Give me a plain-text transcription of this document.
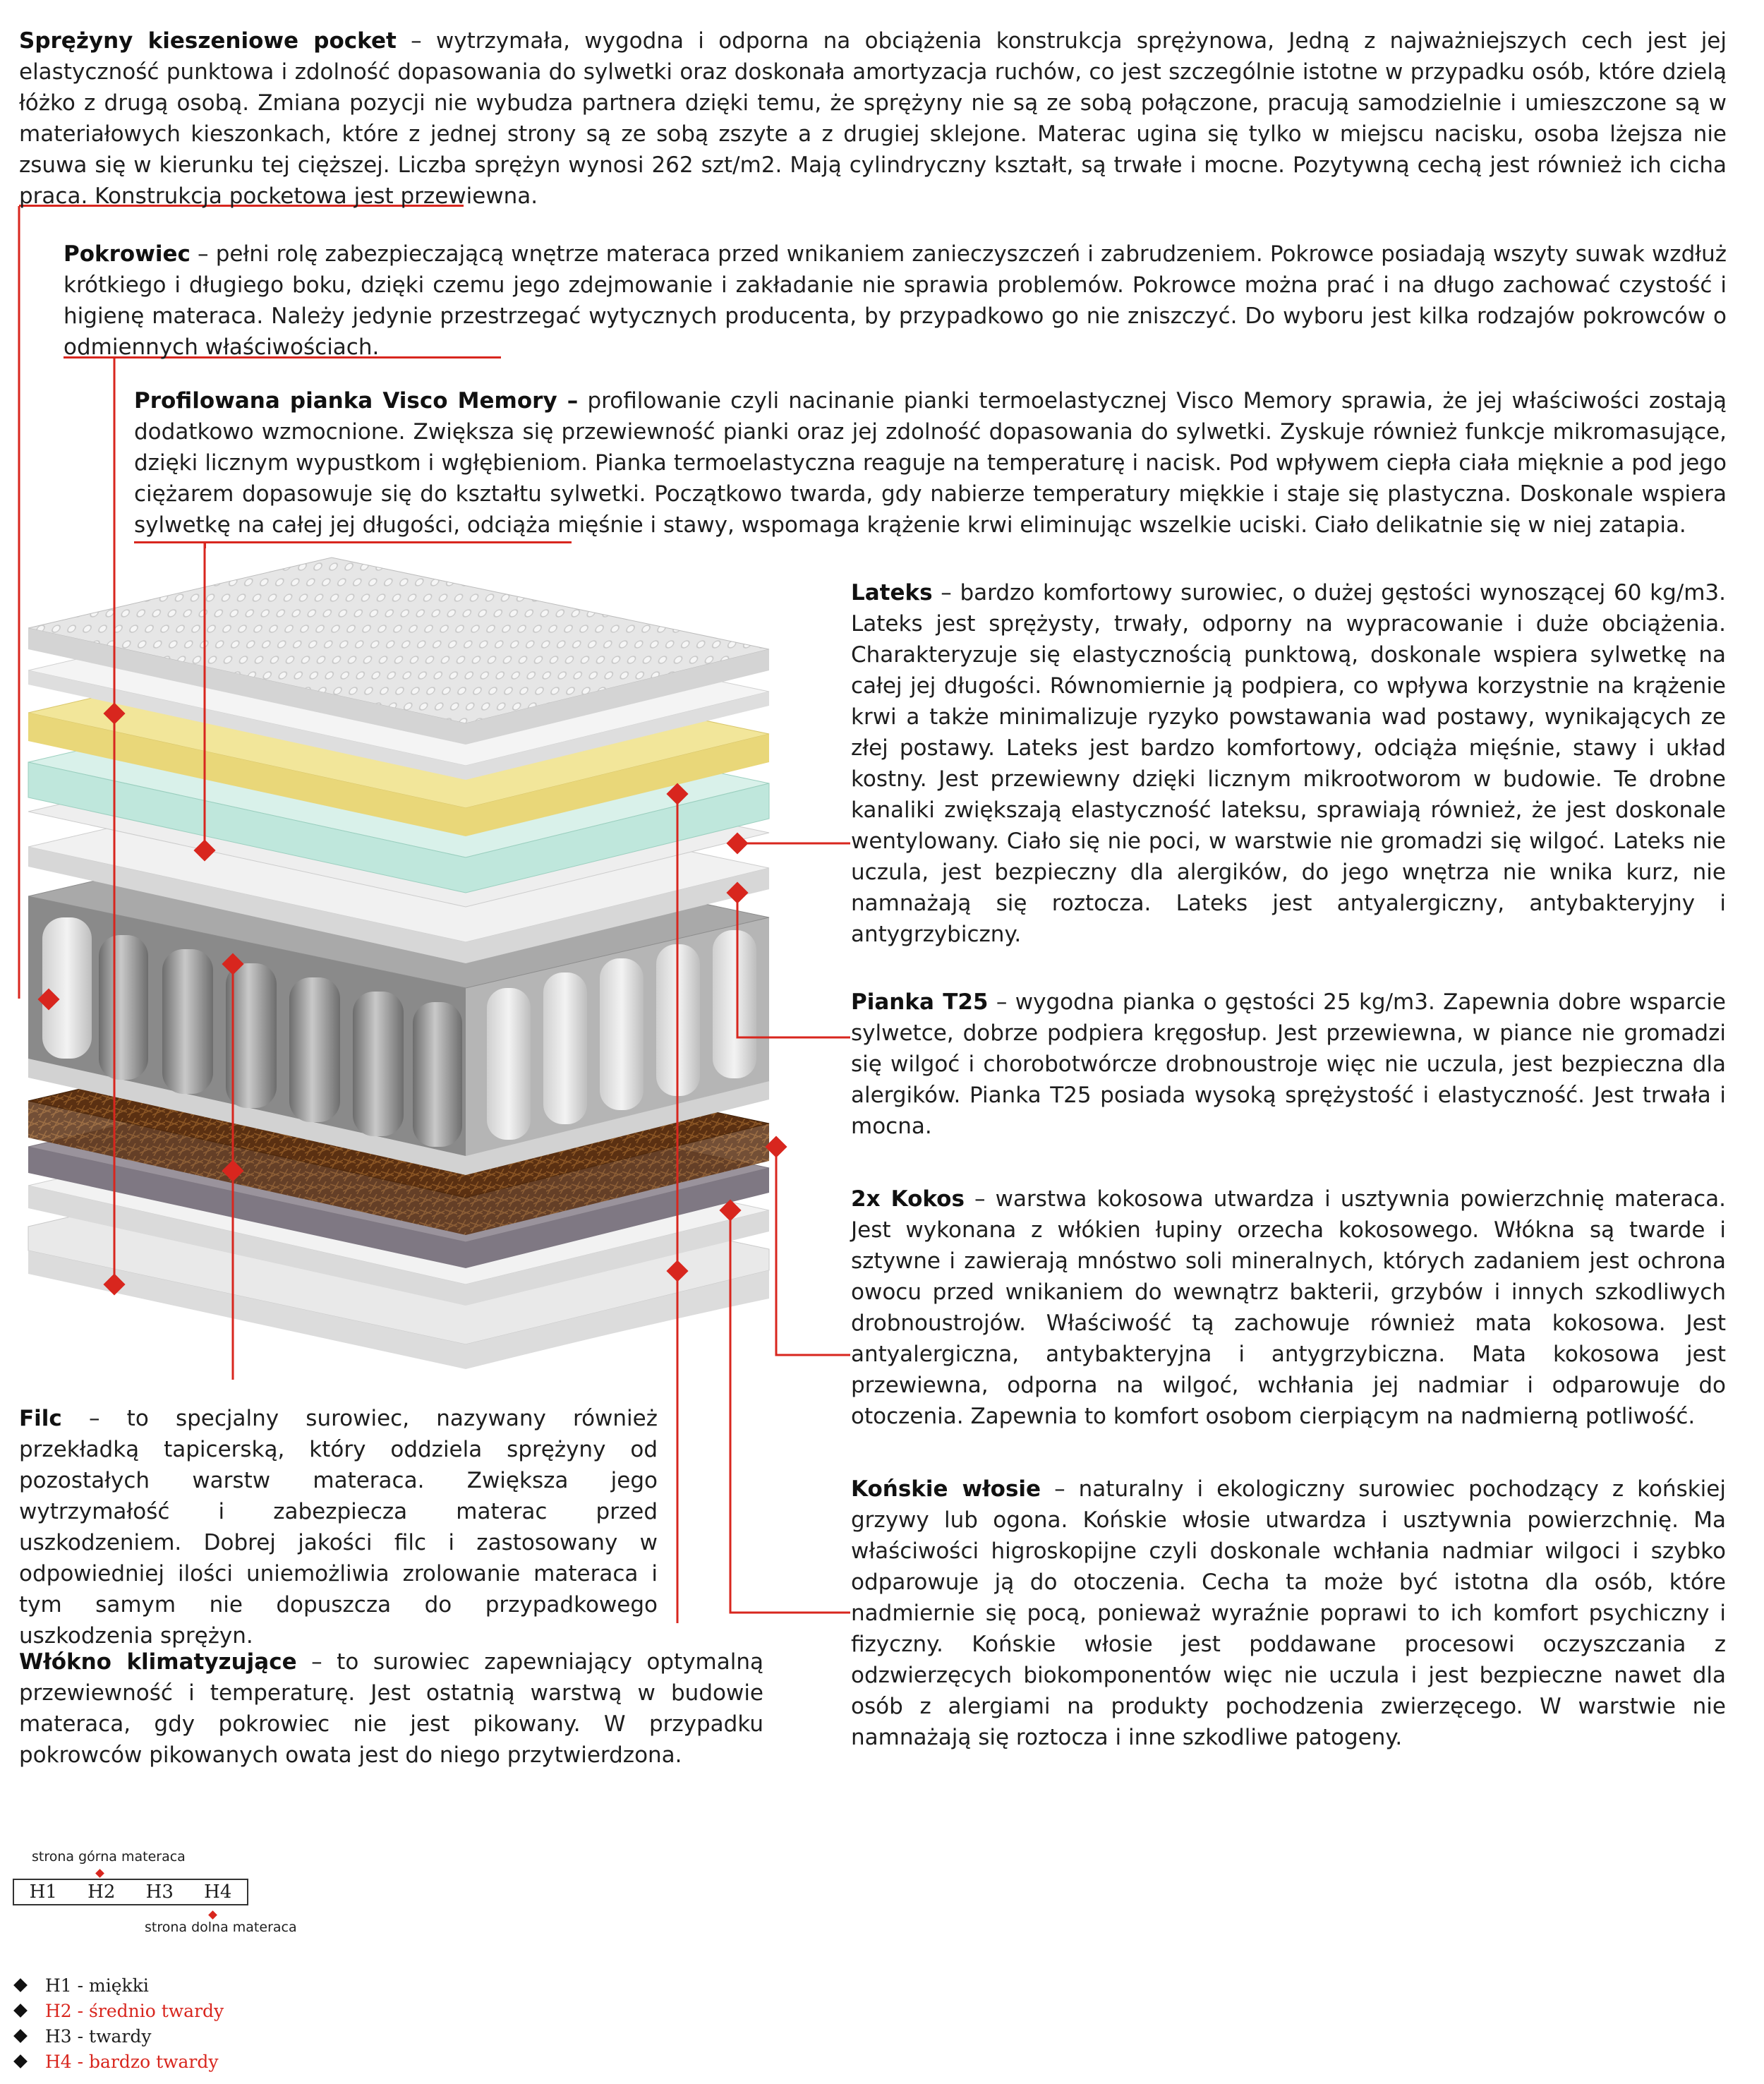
Sprężyny kieszeniowe pocket – wytrzymała, wygodna i odporna na obciążenia konstrukcja sprężynowa, Jedną z najważniejszych cech jest jej elastyczność punktowa i zdolność dopasowania do sylwetki oraz doskonała amortyzacja ruchów, co jest szczególnie istotne w przypadku osób, które dzielą łóżko z drugą osobą. Zmiana pozycji nie wybudza partnera dzięki temu, że sprężyny nie są ze sobą połączone, pracują samodzielnie i umieszczone są w materiałowych kieszonkach, które z jednej strony są ze sobą zszyte a z drugiej sklejone. Materac ugina się tylko w miejscu nacisku, osoba lżejsza nie zsuwa się w kierunku tej cięższej. Liczba sprężyn wynosi 262 szt/m2. Mają cylindryczny kształt, są trwałe i mocne. Pozytywną cechą jest również ich cicha praca. Konstrukcja pocketowa jest przewiewna.
Pokrowiec – pełni rolę zabezpieczającą wnętrze materaca przed wnikaniem zanieczyszczeń i zabrudzeniem. Pokrowce posiadają wszyty suwak wzdłuż krótkiego i długiego boku, dzięki czemu jego zdejmowanie i zakładanie nie sprawia problemów. Pokrowce można prać i na długo zachować czystość i higienę materaca. Należy jedynie przestrzegać wytycznych producenta, by przypadkowo go nie zniszczyć. Do wyboru jest kilka rodzajów pokrowców o odmiennych właściwościach.
Profilowana pianka Visco Memory – profilowanie czyli nacinanie pianki termoelastycznej Visco Memory sprawia, że jej właściwości zostają dodatkowo wzmocnione. Zwiększa się przewiewność pianki oraz jej zdolność dopasowania do sylwetki. Zyskuje również funkcje mikromasujące, dzięki licznym wypustkom i wgłębieniom. Pianka termoelastyczna reaguje na temperaturę i nacisk. Pod wpływem ciepła ciała mięknie a pod jego ciężarem dopasowuje się do kształtu sylwetki. Początkowo twarda, gdy nabierze temperatury miękkie i staje się plastyczna. Doskonale wspiera sylwetkę na całej jej długości, odciąża mięśnie i stawy, wspomaga krążenie krwi eliminując wszelkie uciski. Ciało delikatnie się w niej zatapia.
Lateks – bardzo komfortowy surowiec, o dużej gęstości wynoszącej 60 kg/m3. Lateks jest sprężysty, trwały, odporny na wypracowanie i duże obciążenia. Charakteryzuje się elastycznością punktową, doskonale wspiera sylwetkę na całej jej długości. Równomiernie ją podpiera, co wpływa korzystnie na krążenie krwi a także minimalizuje ryzyko powstawania wad postawy, wynikających ze złej postawy. Lateks jest bardzo komfortowy, odciąża mięśnie, stawy i układ kostny. Jest przewiewny dzięki licznym mikrootworom w budowie. Te drobne kanaliki zwiększają elastyczność lateksu, sprawiają również, że jest doskonale wentylowany. Ciało się nie poci, w warstwie nie gromadzi się wilgoć. Lateks nie uczula, jest bezpieczny dla alergików, do jego wnętrza nie wnika kurz, nie namnażają się roztocza. Lateks jest antyalergiczny, antybakteryjny i antygrzybiczny.
Pianka T25 – wygodna pianka o gęstości 25 kg/m3. Zapewnia dobre wsparcie sylwetce, dobrze podpiera kręgosłup. Jest przewiewna, w piance nie gromadzi się wilgoć i chorobotwórcze drobnoustroje więc nie uczula, jest bezpieczna dla alergików. Pianka T25 posiada wysoką sprężystość i elastyczność. Jest trwała i mocna.
2x Kokos – warstwa kokosowa utwardza i usztywnia powierzchnię materaca. Jest wykonana z włókien łupiny orzecha kokosowego. Włókna są twarde i sztywne i zawierają mnóstwo soli mineralnych, których zadaniem jest ochrona owocu przed wnikaniem do wewnątrz bakterii, grzybów i innych szkodliwych drobnoustrojów. Właściwość tą zachowuje również mata kokosowa. Jest antyalergiczna, antybakteryjna i antygrzybiczna. Mata kokosowa jest przewiewna, odporna na wilgoć, wchłania jej nadmiar i odparowuje do otoczenia. Zapewnia to komfort osobom cierpiącym na nadmierną potliwość.
Końskie włosie – naturalny i ekologiczny surowiec pochodzący z końskiej grzywy lub ogona. Końskie włosie utwardza i usztywnia powierzchnię. Ma właściwości higroskopijne czyli doskonale wchłania nadmiar wilgoci i szybko odparowuje ją do otoczenia. Cecha ta może być istotna dla osób, które nadmiernie się pocą, ponieważ wyraźnie poprawi to ich komfort psychiczny i fizyczny. Końskie włosie jest poddawane procesowi oczyszczania z odzwierzęcych biokomponentów więc nie uczula i jest bezpieczne nawet dla osób z alergiami na produkty pochodzenia zwierzęcego. W warstwie nie namnażają się roztocza i inne szkodliwe patogeny.
Filc – to specjalny surowiec, nazywany również przekładką tapicerską, który oddziela sprężyny od pozostałych warstw materaca. Zwiększa jego wytrzymałość i zabezpiecza materac przed uszkodzeniem. Dobrej jakości filc i zastosowany w odpowiedniej ilości uniemożliwia zrolowanie materaca i tym samym nie dopuszcza do przypadkowego uszkodzenia sprężyn.
Włókno klimatyzujące – to surowiec zapewniający optymalną przewiewność i temperaturę. Jest ostatnią warstwą w budowie materaca, gdy pokrowiec nie jest pikowany. W przypadku pokrowców pikowanych owata jest do niego przytwierdzona.
strona górna materaca
H1	H2	H3	H4
strona dolna materaca
H1 - miękki
H2 - średnio twardy
H3 - twardy
H4 - bardzo twardy
